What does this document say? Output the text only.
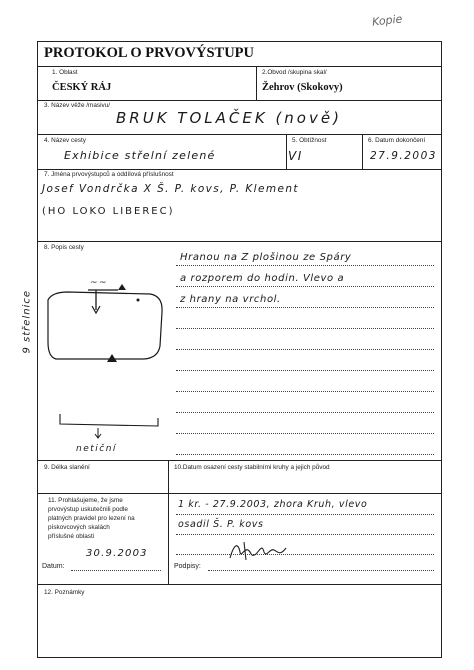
Kopie
PROTOKOL O PRVOVÝSTUPU
1. Oblast
ČESKÝ RÁJ
2.Obvod /skupina skal/
Žehrov (Skokovy)
3. Název věže /masivu/
BRUK TOLAČEK (nově)
4. Název cesty
Exhibice střelní zelené
5. Obtížnost
VI
6. Datum dokončení
27.9.2003
7. Jména prvovýstupců a oddílová příslušnost
Josef Vondrčka X Š. P. kovs, P. Klement
(HO LOKO LIBEREC)
8. Popis cesty
Hranou na Z plošinou ze Spáry
a rozporem do hodin. Vlevo a
z hrany na vrchol.
~~
netiční
9. Délka slanění	10.Datum osazení cesty stabilními kruhy a jejich původ
11. Prohlašujeme, že jsme
prvovýstup uskutečnili podle
platných pravidel pro lezení na
pískovcových skalách
příslušné oblasti
1 kr. - 27.9.2003, zhora Kruh, vlevo
osadil Š. P. kovs
Datum:
30.9.2003
Podpisy:
12. Poznámky
9 střelnice
